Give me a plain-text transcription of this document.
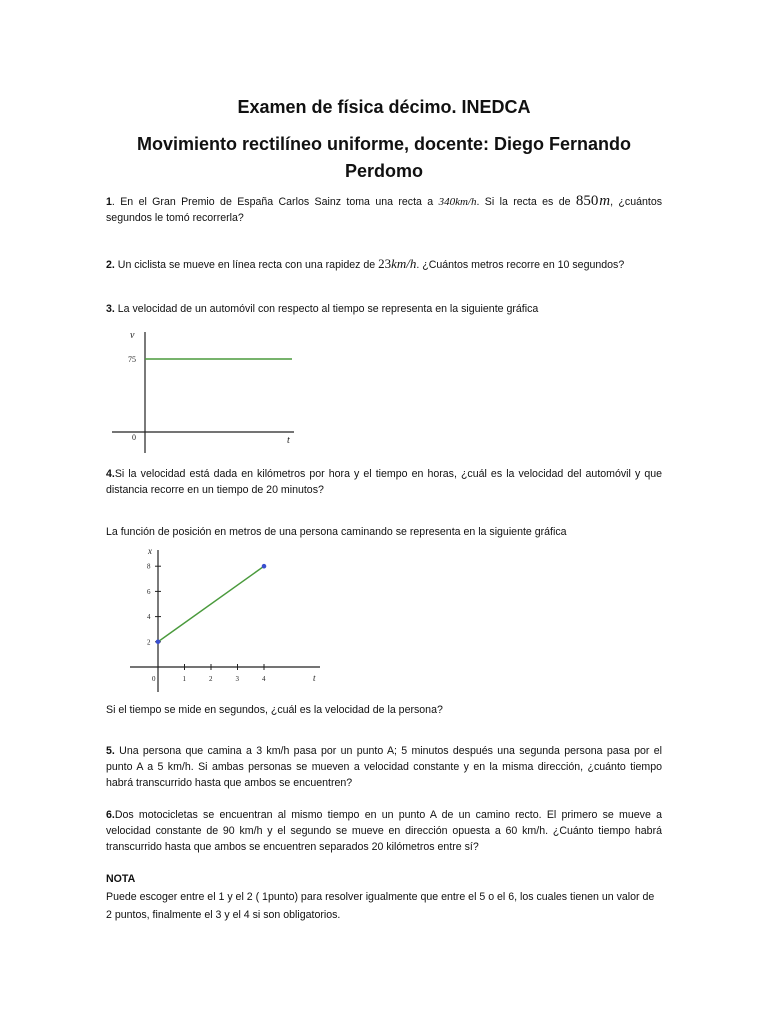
Examen de física décimo. INEDCA
Movimiento rectilíneo uniforme, docente: Diego Fernando Perdomo
1. En el Gran Premio de España Carlos Sainz toma una recta a 340km/h. Si la recta es de 850 m, ¿cuántos segundos le tomó recorrerla?
2. Un ciclista se mueve en línea recta con una rapidez de 23km/h. ¿Cuántos metros recorre en 10 segundos?
3. La velocidad de un automóvil con respecto al tiempo se representa en la siguiente gráfica
v
t
75
0
4.Si la velocidad está dada en kilómetros por hora y el tiempo en horas, ¿cuál es la velocidad del automóvil y que distancia recorre en un tiempo de 20 minutos?
La función de posición en metros de una persona caminando se representa en la siguiente gráfica
x
t
0	1	2	3	4
2
4
6
8
Si el tiempo se mide en segundos, ¿cuál es la velocidad de la persona?
5. Una persona que camina a 3 km/h pasa por un punto A; 5 minutos después una segunda persona pasa por el punto A a 5 km/h. Si ambas personas se mueven a velocidad constante y en la misma dirección, ¿cuánto tiempo habrá transcurrido hasta que ambos se encuentren?
6.Dos motocicletas se encuentran al mismo tiempo en un punto A de un camino recto. El primero se mueve a velocidad constante de 90 km/h y el segundo se mueve en dirección opuesta a 60 km/h. ¿Cuánto tiempo habrá transcurrido hasta que ambos se encuentren separados 20 kilómetros entre sí?
NOTA
Puede escoger entre el 1 y el 2 ( 1punto) para resolver igualmente que entre el 5 o el 6, los cuales tienen un valor de 2 puntos, finalmente el 3 y el 4 si son obligatorios.
